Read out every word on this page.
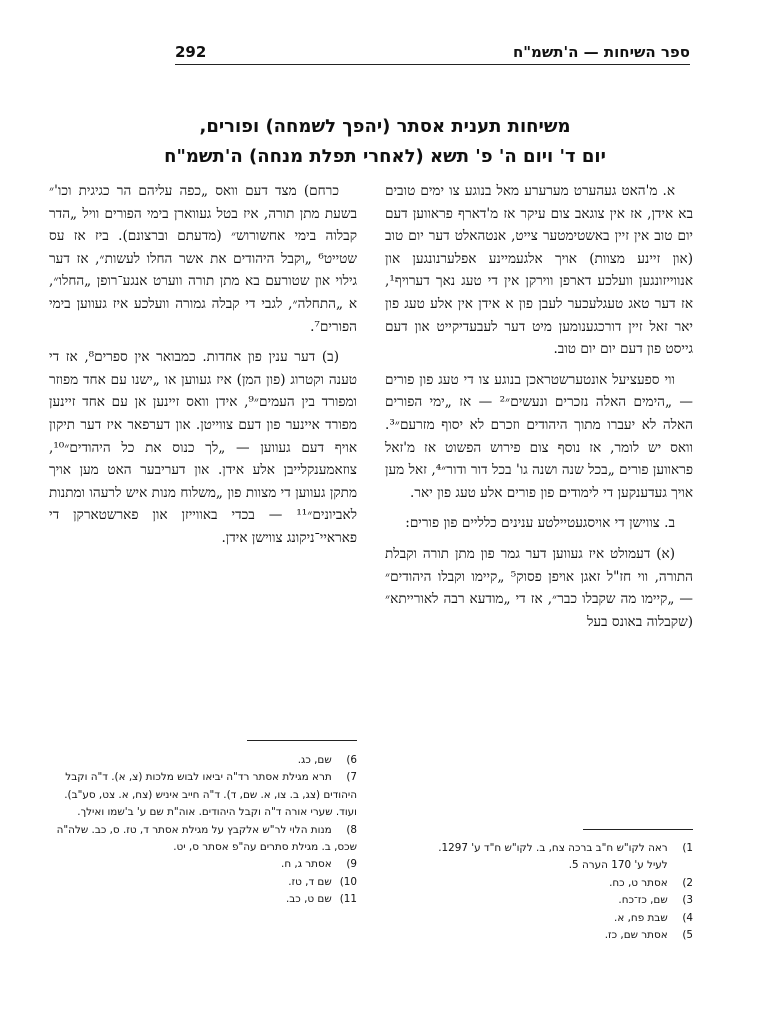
292	ספר השיחות — ה'תשמ"ח
משיחות תענית אסתר (יהפך לשמחה) ופורים,
יום ד' ויום ה' פ' תשא (לאחרי תפלת מנחה) ה'תשמ"ח

א. מ'האט געהערט מערערע מאל בנוגע צו ימים טובים בא אידן, אז אין צוגאב צום עיקר אז מ'דארף פראווען דעם יום טוב אין זיין באשטימטער צייט, אנטהאלט דער יום טוב (און זיינע מצוות) אויך אלגעמיינע אפלערנונגען און אנווייזונגען וועלכע דארפן ווירקן אין די טעג נאך דערויף¹, אז דער טאג טעגלעכער לעבן פון א אידן אין אלע טעג פון יאר זאל זיין דורכגענומען מיט דער לעבעדיקייט און דעם גייסט פון דעם יום יום טוב.

ווי ספעציעל אונטערשטראכן בנוגע צו די טעג פון פורים — „הימים האלה נזכרים ונעשים״² — אז „ימי הפורים האלה לא יעברו מתוך היהודים וזכרם לא יסוף מזרעם״³. וואס יש לומר, אז נוסף צום פירוש הפשוט אז מ'זאל פראווען פורים „בכל שנה ושנה גו' בכל דור ודור״⁴, זאל מען אויך געדענקען די לימודים פון פורים אלע טעג פון יאר.

ב. צווישן די אויסגעטיילטע ענינים כלליים פון פורים:

(א) דעמולט איז געווען דער גמר פון מתן תורה וקבלת התורה, ווי חז"ל זאגן אויפן פסוק⁵ „קיימו וקבלו היהודים״ — „קיימו מה שקבלו כבר״, אז די „מודעא רבה לאורייתא״ (שקבלוה באונס בעל

כרחם) מצד דעם וואס „כפה עליהם הר כגיגית וכו'״ בשעת מתן תורה, איז בטל געווארן בימי הפורים וויל „הדר קבלוה בימי אחשורוש״ (מדעתם וברצונם). ביז אז עס שטייט⁶ „וקבל היהודים את אשר החלו לעשות״, אז דער גילוי און שטורעם בא מתן תורה ווערט אנגע־רופן „החלו״, א „התחלה״, לגבי די קבלה גמורה וועלכע איז געווען בימי הפורים⁷.

(ב) דער ענין פון אחדות. כמבואר אין ספרים⁸, אז די טענה וקטרוג (פון המן) איז געווען או „ישנו עם אחד מפוזר ומפורד בין העמים״⁹, אידן וואס זיינען אן עם אחד זיינען מפורד איינער פון דעם צווייטן. און דערפאר איז דער תיקון אויף דעם געווען — „לך כנוס את כל היהודים״¹⁰, צוזאמענקלייבן אלע אידן. און דעריבער האט מען אויך מתקן געווען די מצוות פון „משלוח מנות איש לרעהו ומתנות לאביונים״¹¹ — בכדי באווייזן און פארשטארקן די פאראיי־ניקונג צווישן אידן.

1) ראה לקו"ש ח"ב ברכה צח, ב. לקו"ש ח"ד ע' 1297.
לעיל ע' 170 הערה 5.
2) אסתר ט, כח.
3) שם, כז־כח.
4) שבת פח, א.
5) אסתר שם, כז.
6) שם, כג.
7) תרא מגילת אסתר רד"ה יביאו לבוש מלכות (צ, א). ד"ה וקבל היהודים (צג, ב. צו, א. שם, ד). ד"ה חייב איניש (צח, א. צט, סע"ב). ועוד. שערי אורה ד"ה וקבל היהודים. אוה"ת שם ע' ב'שמו ואילך.
8) מנות הלוי לר"ש אלקבץ על מגילת אסתר ד, טז. ס, כב. שלה"ה שכס, ב. מגילת סתרים עה"פ אסתר ס, יט.
9) אסתר ג, ח.
10) שם ד, טז.
11) שם ט, כב.
